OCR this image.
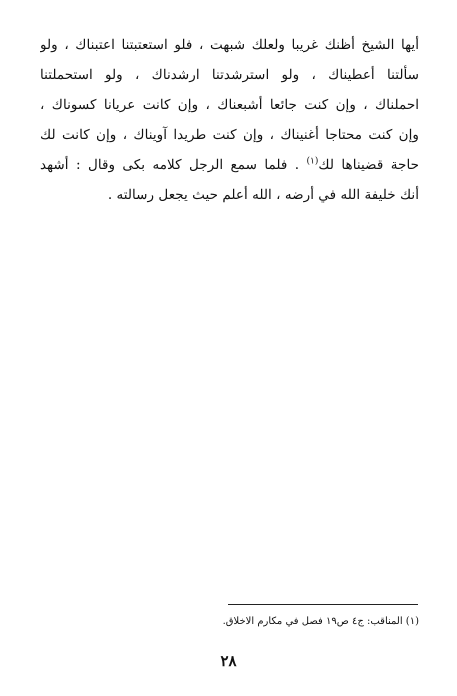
أيها الشيخ أظنك غريبا ولعلك شبهت ، فلو استعتبتنا اعتبناك ، ولو
سألتنا أعطيناك ، ولو استرشدتنا ارشدناك ، ولو استحملتنا
احملناك ، وإن كنت جائعا أشبعناك ، وإن كانت عريانا كسوناك ،
وإن كنت محتاجا أغنيناك ، وإن كنت طريدا آويناك ، وإن كانت لك
حاجة قضيناها لك$^{(١)}$ . فلما سمع الرجل كلامه بكى وقال : أشهد
أنك خليفة الله في أرضه ، الله أعلم حيث يجعل رسالته .
(١) المناقب: ج٤ ص١٩ فصل في مكارم الاخلاق.
٢٨
